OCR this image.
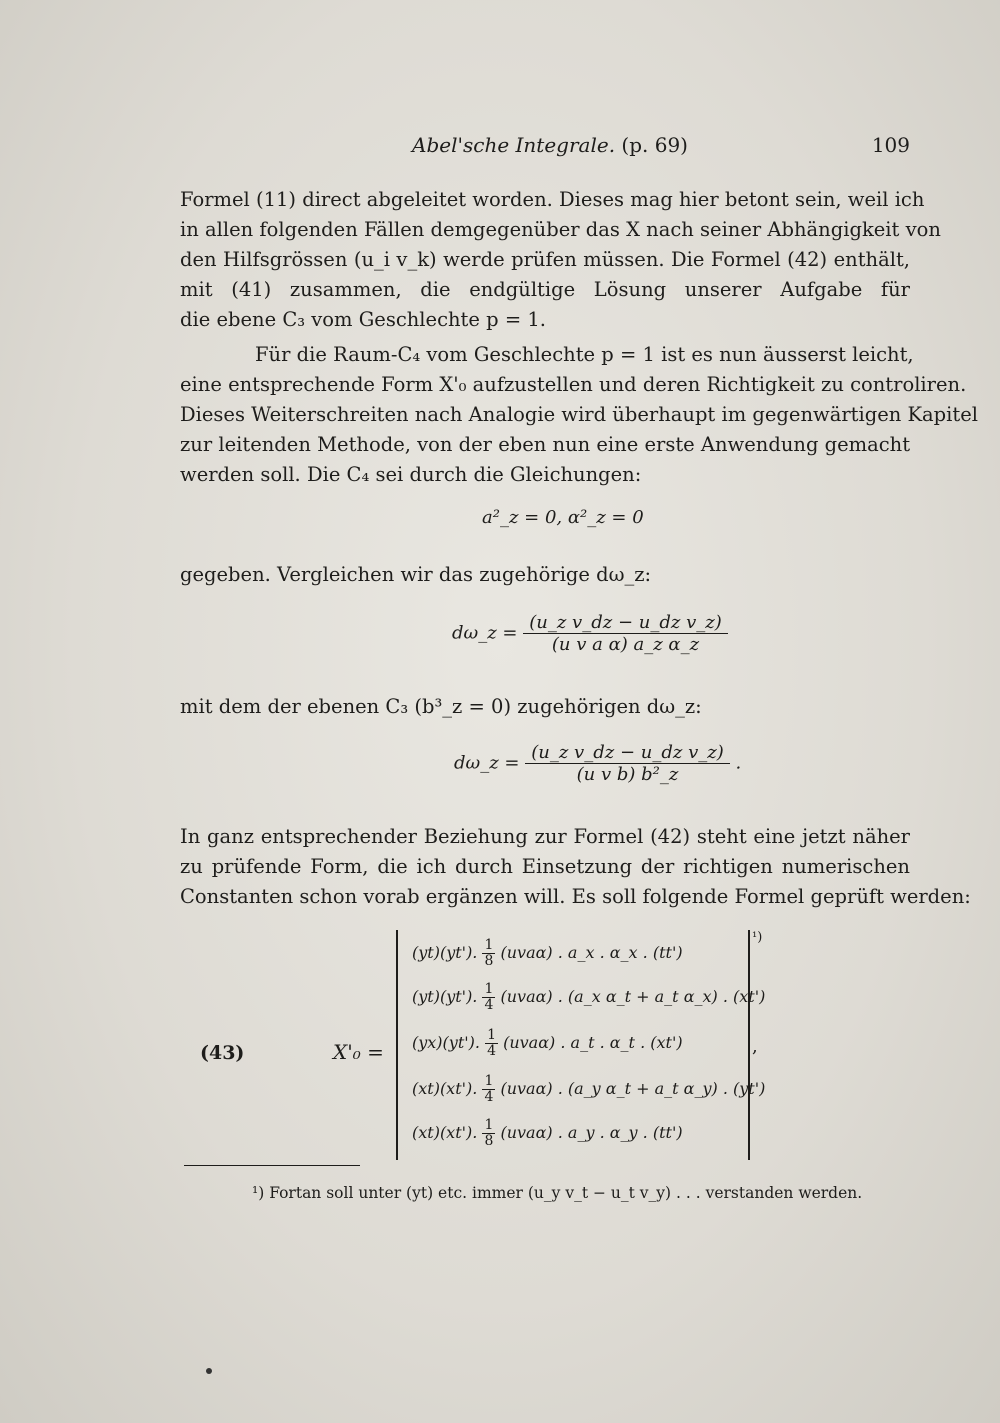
Abel'sche Integrale. (p. 69)	109
Formel (11) direct abgeleitet worden. Dieses mag hier betont sein, weil ich
in allen folgenden Fällen demgegenüber das X nach seiner Abhängigkeit von
den Hilfsgrössen (u_i v_k) werde prüfen müssen. Die Formel (42) enthält,
mit (41) zusammen, die endgültige Lösung unserer Aufgabe für
die ebene C₃ vom Geschlechte p = 1.
Für die Raum-C₄ vom Geschlechte p = 1 ist es nun äusserst leicht,
eine entsprechende Form X'₀ aufzustellen und deren Richtigkeit zu controliren.
Dieses Weiterschreiten nach Analogie wird überhaupt im gegenwärtigen Kapitel
zur leitenden Methode, von der eben nun eine erste Anwendung gemacht
werden soll. Die C₄ sei durch die Gleichungen:
a²_z = 0, α²_z = 0
gegeben. Vergleichen wir das zugehörige dω_z:
dω_z = $\frac{\text{(u\_z v\_dz − u\_dz v\_z)}}{\text{(u v a α) a\_z α\_z}}$
mit dem der ebenen C₃ (b³_z = 0) zugehörigen dω_z:
dω_z = $\frac{\text{(u\_z v\_dz − u\_dz v\_z)}}{\text{(u v b) b²\_z}}$ .
In ganz entsprechender Beziehung zur Formel (42) steht eine jetzt näher
zu prüfende Form, die ich durch Einsetzung der richtigen numerischen
Constanten schon vorab ergänzen will. Es soll folgende Formel geprüft werden:
(43)	X'₀ =
¹)
,
(yt)(yt'). $\frac{1}{8} (uva\alpha)$ . a_x . α_x . (tt')
(yt)(yt'). $\frac{1}{4} (uva\alpha)$ . (a_x α_t + a_t α_x) . (xt')
(yx)(yt'). $\frac{1}{4} (uva\alpha)$ . a_t . α_t . (xt')
(xt)(xt'). $\frac{1}{4} (uva\alpha)$ . (a_y α_t + a_t α_y) . (yt')
(xt)(xt'). $\frac{1}{8} (uva\alpha)$ . a_y . α_y . (tt')
¹) Fortan soll unter (yt) etc. immer (u_y v_t − u_t v_y) . . . verstanden werden.
